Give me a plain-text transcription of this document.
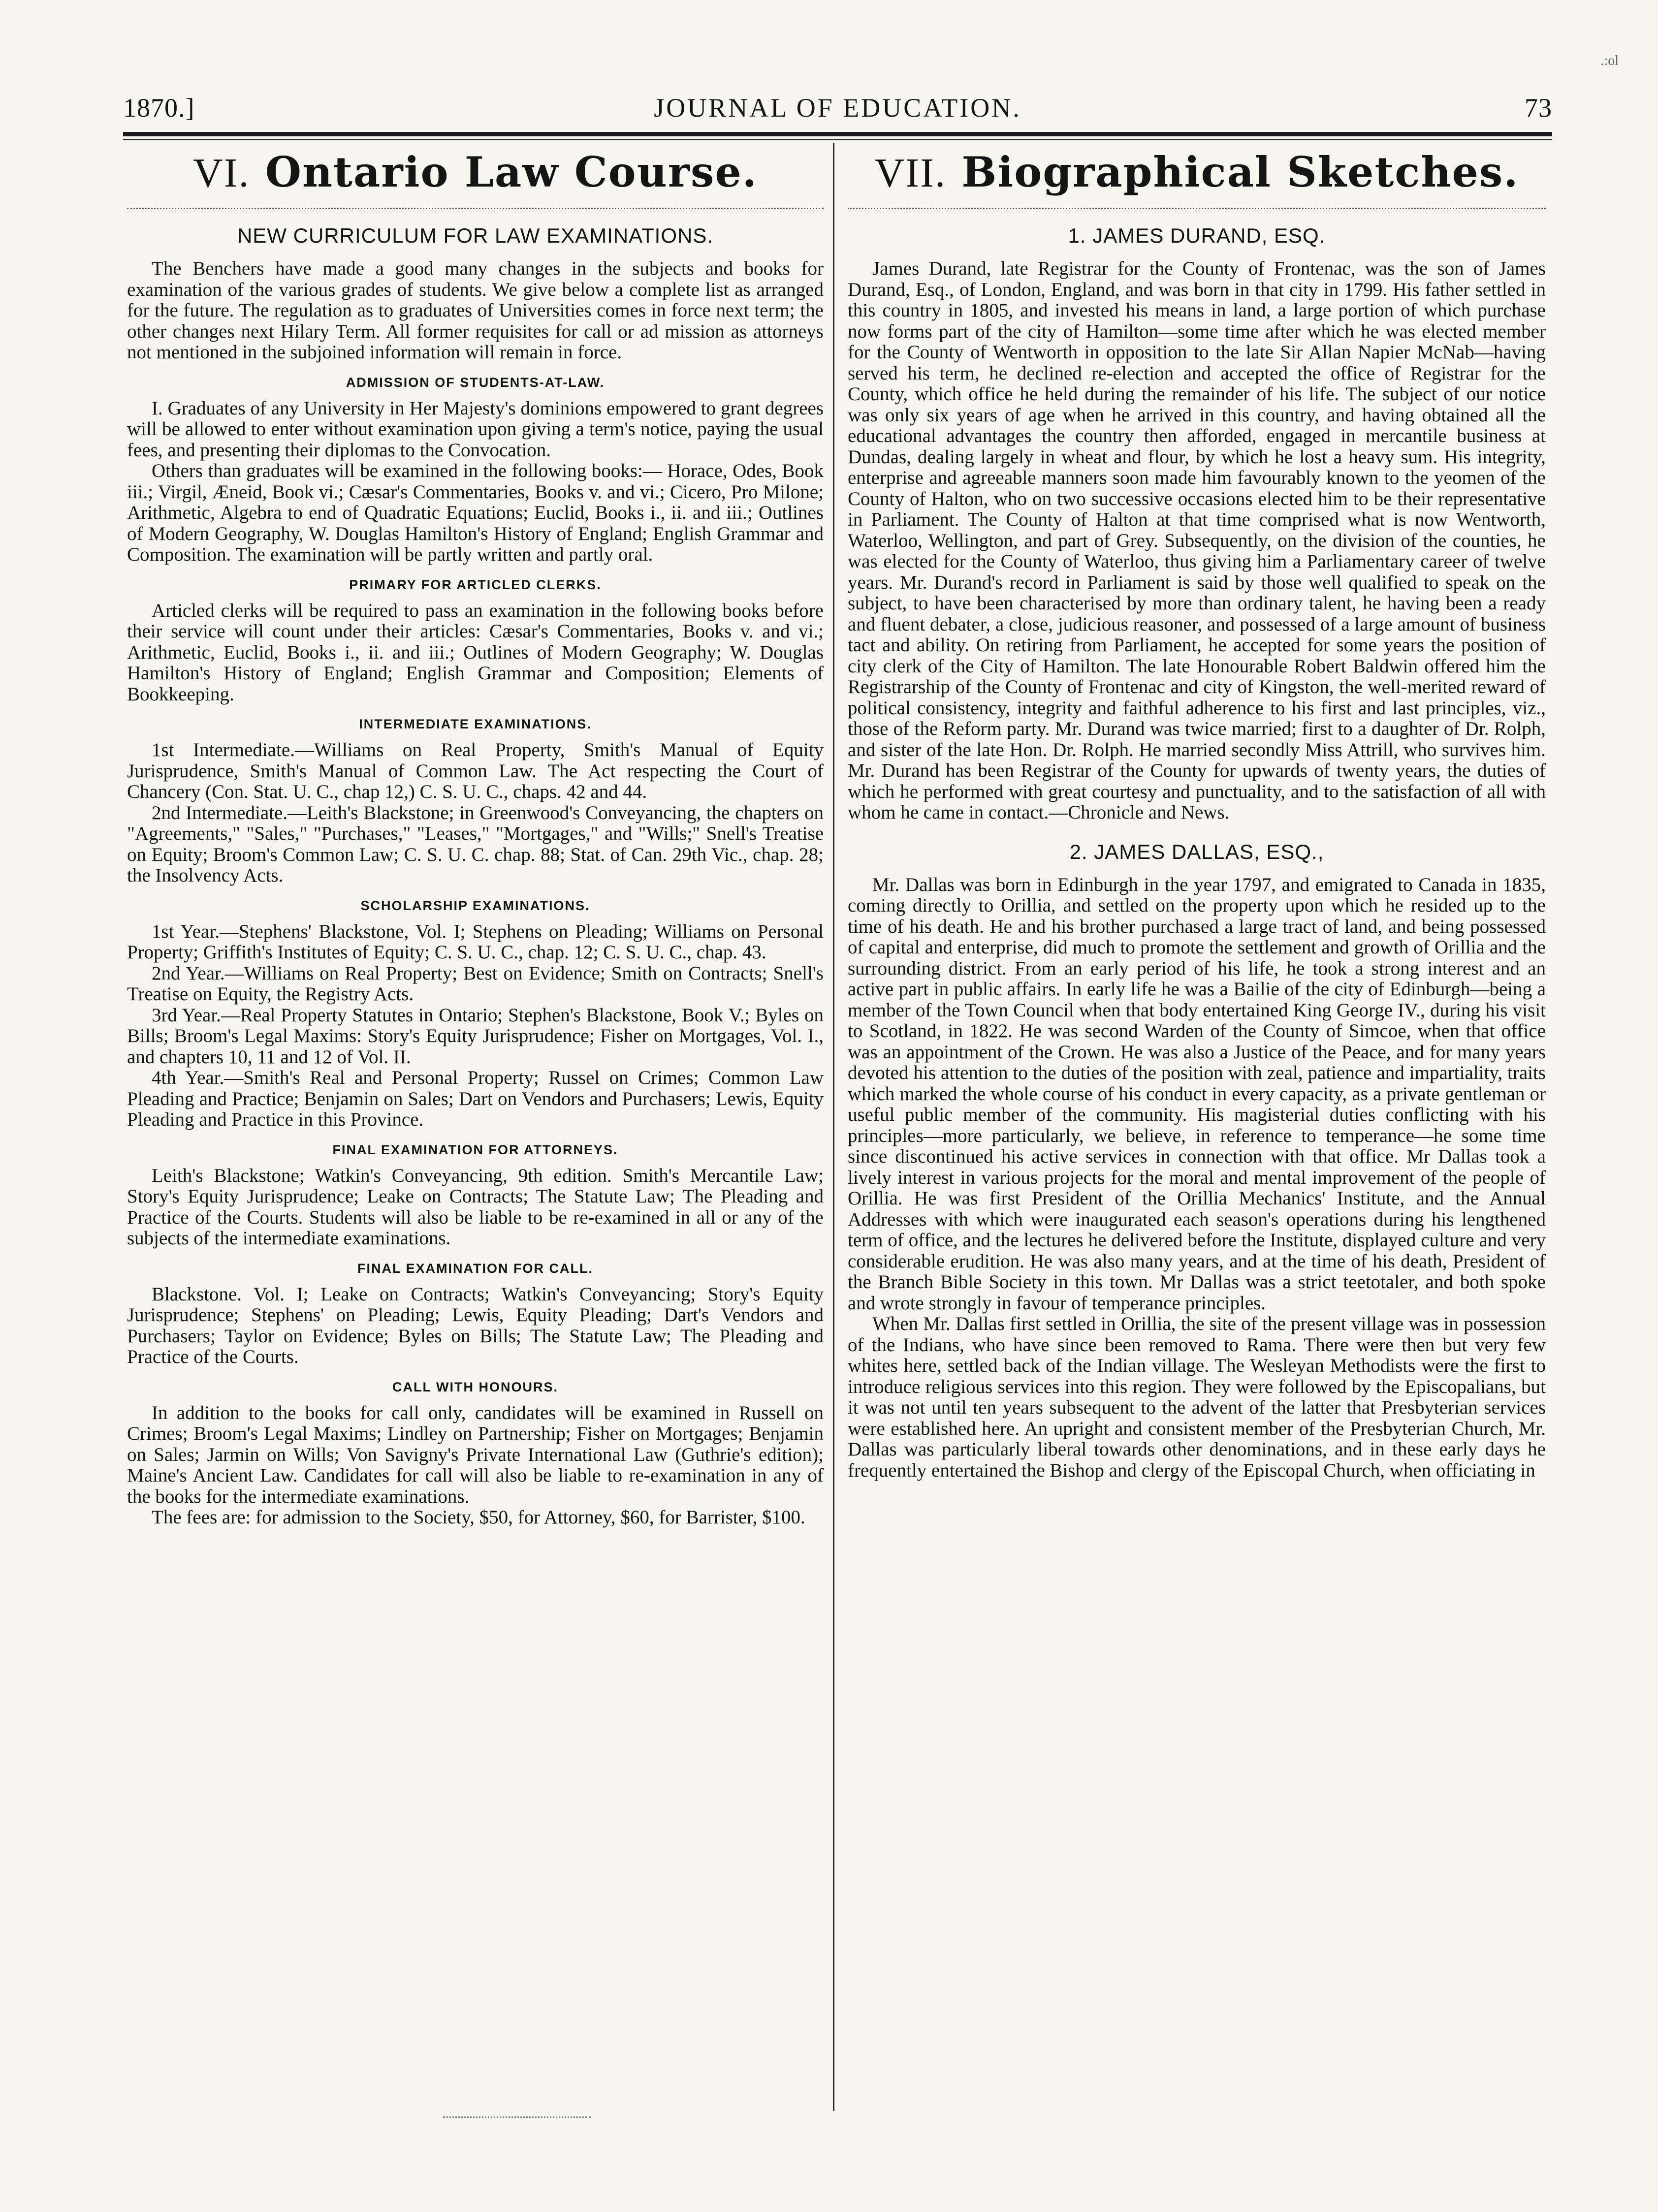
.:ol
1870.]	JOURNAL OF EDUCATION.	73
VI. Ontario Law Course.
NEW CURRICULUM FOR LAW EXAMINATIONS.

The Benchers have made a good many changes in the subjects and books for examination of the various grades of students. We give below a complete list as arranged for the future. The regulation as to graduates of Universities comes in force next term; the other changes next Hilary Term. All former requisites for call or ad mission as attorneys not mentioned in the subjoined information will remain in force.

ADMISSION OF STUDENTS-AT-LAW.

I. Graduates of any University in Her Majesty's dominions empowered to grant degrees will be allowed to enter without examination upon giving a term's notice, paying the usual fees, and presenting their diplomas to the Convocation.

Others than graduates will be examined in the following books:— Horace, Odes, Book iii.; Virgil, Æneid, Book vi.; Cæsar's Commentaries, Books v. and vi.; Cicero, Pro Milone; Arithmetic, Algebra to end of Quadratic Equations; Euclid, Books i., ii. and iii.; Outlines of Modern Geography, W. Douglas Hamilton's History of England; English Grammar and Composition. The examination will be partly written and partly oral.

PRIMARY FOR ARTICLED CLERKS.

Articled clerks will be required to pass an examination in the following books before their service will count under their articles: Cæsar's Commentaries, Books v. and vi.; Arithmetic, Euclid, Books i., ii. and iii.; Outlines of Modern Geography; W. Douglas Hamilton's History of England; English Grammar and Composition; Elements of Bookkeeping.

INTERMEDIATE EXAMINATIONS.

1st Intermediate.—Williams on Real Property, Smith's Manual of Equity Jurisprudence, Smith's Manual of Common Law. The Act respecting the Court of Chancery (Con. Stat. U. C., chap 12,) C. S. U. C., chaps. 42 and 44.

2nd Intermediate.—Leith's Blackstone; in Greenwood's Conveyancing, the chapters on "Agreements," "Sales," "Purchases," "Leases," "Mortgages," and "Wills;" Snell's Treatise on Equity; Broom's Common Law; C. S. U. C. chap. 88; Stat. of Can. 29th Vic., chap. 28; the Insolvency Acts.

SCHOLARSHIP EXAMINATIONS.

1st Year.—Stephens' Blackstone, Vol. I; Stephens on Pleading; Williams on Personal Property; Griffith's Institutes of Equity; C. S. U. C., chap. 12; C. S. U. C., chap. 43.

2nd Year.—Williams on Real Property; Best on Evidence; Smith on Contracts; Snell's Treatise on Equity, the Registry Acts.

3rd Year.—Real Property Statutes in Ontario; Stephen's Blackstone, Book V.; Byles on Bills; Broom's Legal Maxims: Story's Equity Jurisprudence; Fisher on Mortgages, Vol. I., and chapters 10, 11 and 12 of Vol. II.

4th Year.—Smith's Real and Personal Property; Russel on Crimes; Common Law Pleading and Practice; Benjamin on Sales; Dart on Vendors and Purchasers; Lewis, Equity Pleading and Practice in this Province.

FINAL EXAMINATION FOR ATTORNEYS.

Leith's Blackstone; Watkin's Conveyancing, 9th edition. Smith's Mercantile Law; Story's Equity Jurisprudence; Leake on Contracts; The Statute Law; The Pleading and Practice of the Courts. Students will also be liable to be re-examined in all or any of the subjects of the intermediate examinations.

FINAL EXAMINATION FOR CALL.

Blackstone. Vol. I; Leake on Contracts; Watkin's Conveyancing; Story's Equity Jurisprudence; Stephens' on Pleading; Lewis, Equity Pleading; Dart's Vendors and Purchasers; Taylor on Evidence; Byles on Bills; The Statute Law; The Pleading and Practice of the Courts.

CALL WITH HONOURS.

In addition to the books for call only, candidates will be examined in Russell on Crimes; Broom's Legal Maxims; Lindley on Partnership; Fisher on Mortgages; Benjamin on Sales; Jarmin on Wills; Von Savigny's Private International Law (Guthrie's edition); Maine's Ancient Law. Candidates for call will also be liable to re-examination in any of the books for the intermediate examinations.

The fees are: for admission to the Society, $50, for Attorney, $60, for Barrister, $100.

VII. Biographical Sketches.
1. JAMES DURAND, ESQ.

James Durand, late Registrar for the County of Frontenac, was the son of James Durand, Esq., of London, England, and was born in that city in 1799. His father settled in this country in 1805, and invested his means in land, a large portion of which purchase now forms part of the city of Hamilton—some time after which he was elected member for the County of Wentworth in opposition to the late Sir Allan Napier McNab—having served his term, he declined re-election and accepted the office of Registrar for the County, which office he held during the remainder of his life. The subject of our notice was only six years of age when he arrived in this country, and having obtained all the educational advantages the country then afforded, engaged in mercantile business at Dundas, dealing largely in wheat and flour, by which he lost a heavy sum. His integrity, enterprise and agreeable manners soon made him favourably known to the yeomen of the County of Halton, who on two successive occasions elected him to be their representative in Parliament. The County of Halton at that time comprised what is now Wentworth, Waterloo, Wellington, and part of Grey. Subsequently, on the division of the counties, he was elected for the County of Waterloo, thus giving him a Parliamentary career of twelve years. Mr. Durand's record in Parliament is said by those well qualified to speak on the subject, to have been characterised by more than ordinary talent, he having been a ready and fluent debater, a close, judicious reasoner, and possessed of a large amount of business tact and ability. On retiring from Parliament, he accepted for some years the position of city clerk of the City of Hamilton. The late Honourable Robert Baldwin offered him the Registrarship of the County of Frontenac and city of Kingston, the well-merited reward of political consistency, integrity and faithful adherence to his first and last principles, viz., those of the Reform party. Mr. Durand was twice married; first to a daughter of Dr. Rolph, and sister of the late Hon. Dr. Rolph. He married secondly Miss Attrill, who survives him. Mr. Durand has been Registrar of the County for upwards of twenty years, the duties of which he performed with great courtesy and punctuality, and to the satisfaction of all with whom he came in contact.—Chronicle and News.

2. JAMES DALLAS, ESQ.,

Mr. Dallas was born in Edinburgh in the year 1797, and emigrated to Canada in 1835, coming directly to Orillia, and settled on the property upon which he resided up to the time of his death. He and his brother purchased a large tract of land, and being possessed of capital and enterprise, did much to promote the settlement and growth of Orillia and the surrounding district. From an early period of his life, he took a strong interest and an active part in public affairs. In early life he was a Bailie of the city of Edinburgh—being a member of the Town Council when that body entertained King George IV., during his visit to Scotland, in 1822. He was second Warden of the County of Simcoe, when that office was an appointment of the Crown. He was also a Justice of the Peace, and for many years devoted his attention to the duties of the position with zeal, patience and impartiality, traits which marked the whole course of his conduct in every capacity, as a private gentleman or useful public member of the community. His magisterial duties conflicting with his principles—more particularly, we believe, in reference to temperance—he some time since discontinued his active services in connection with that office. Mr Dallas took a lively interest in various projects for the moral and mental improvement of the people of Orillia. He was first President of the Orillia Mechanics' Institute, and the Annual Addresses with which were inaugurated each season's operations during his lengthened term of office, and the lectures he delivered before the Institute, displayed culture and very considerable erudition. He was also many years, and at the time of his death, President of the Branch Bible Society in this town. Mr Dallas was a strict teetotaler, and both spoke and wrote strongly in favour of temperance principles.

When Mr. Dallas first settled in Orillia, the site of the present village was in possession of the Indians, who have since been removed to Rama. There were then but very few whites here, settled back of the Indian village. The Wesleyan Methodists were the first to introduce religious services into this region. They were followed by the Episcopalians, but it was not until ten years subsequent to the advent of the latter that Presbyterian services were established here. An upright and consistent member of the Presbyterian Church, Mr. Dallas was particularly liberal towards other denominations, and in these early days he frequently entertained the Bishop and clergy of the Episcopal Church, when officiating in
